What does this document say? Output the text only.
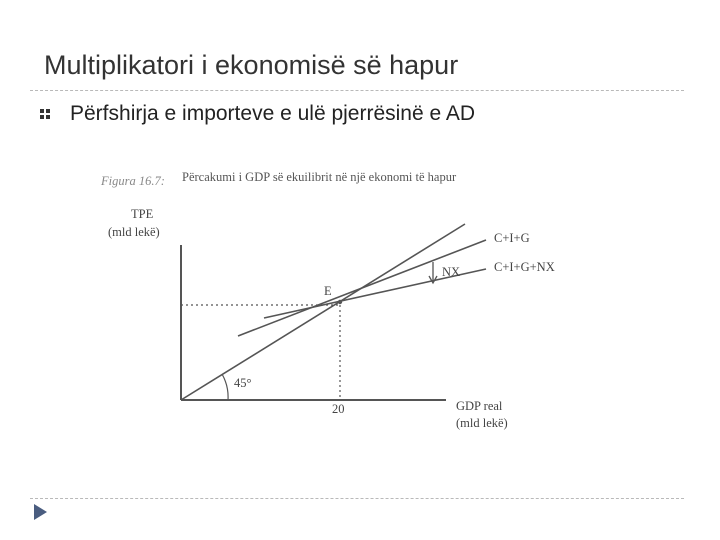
Multiplikatori i ekonomisë së hapur
Përfshirja e importeve e ulë pjerrësinë e AD
Figura 16.7: Përcakumi i GDP së ekuilibrit në një ekonomi të hapur
TPE
(mld lekë)
GDP real
(mld lekë)
45°
C+I+G
C+I+G+NX
NX
E
20
